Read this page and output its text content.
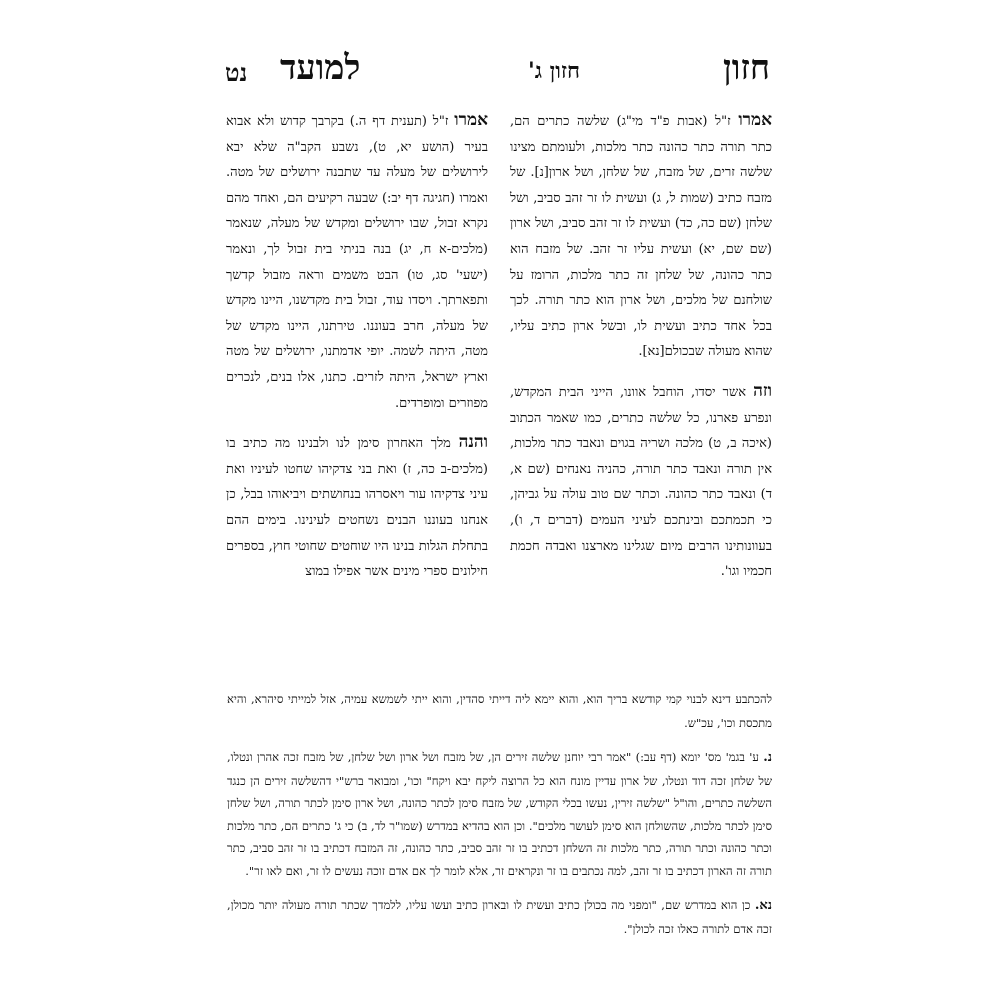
חזון
חזון ג'
למועד
נט

אמרו ז"ל (אבות פ"ד מי"ג) שלשה כתרים הם, כתר תורה כתר כהונה כתר מלכות, ולעומתם מצינו שלשה זרים, של מזבח, של שלחן, ושל ארון[נ]. של מזבח כתיב (שמות ל, ג) ועשית לו זר זהב סביב, ושל שלחן (שם כה, כד) ועשית לו זר זהב סביב, ושל ארון (שם שם, יא) ועשית עליו זר זהב. של מזבח הוא כתר כהונה, של שלחן זה כתר מלכות, הרומז על שולחנם של מלכים, ושל ארון הוא כתר תורה. לכך בכל אחד כתיב ועשית לו, ובשל ארון כתיב עליו, שהוא מעולה שבכולם[נא].

וזה אשר יסדו, הוחבל אוונו, הייני הבית המקדש, ונפרע פארנו, כל שלשה כתרים, כמו שאמר הכתוב (איכה ב, ט) מלכה ושריה בגוים ונאבד כתר מלכות, אין תורה ונאבד כתר תורה, כהניה נאנחים (שם א, ד) ונאבד כתר כהונה. וכתר שם טוב עולה על גביהן, כי תכמתכם ובינתכם לעיני העמים (דברים ד, ו), בעוונותינו הרבים מיום שגלינו מארצנו ואבדה חכמת חכמיו וגו'.

אמרו ז"ל (תענית דף ה.) בקרבך קדוש ולא אבוא בעיר (הושע יא, ט), נשבע הקב"ה שלא יבא לירושלים של מעלה עד שתבנה ירושלים של מטה. ואמרו (חגיגה דף יב:) שבעה רקיעים הם, ואחד מהם נקרא זבול, שבו ירושלים ומקדש של מעלה, שנאמר (מלכים-א ח, יג) בנה בניתי בית זבול לך, ונאמר (ישעי' סג, טו) הבט משמים וראה מזבול קדשך ותפארתך. ויסדו עוד, זבול בית מקדשנו, היינו מקדש של מעלה, חרב בעוננו. טירתנו, היינו מקדש של מטה, היתה לשמה. יופי אדמתנו, ירושלים של מטה וארץ ישראל, היתה לזרים. כתנו, אלו בנים, לנכרים מפוזרים ומופרדים.

והנה מלך האחרון סימן לנו ולבנינו מה כתיב בו (מלכים-ב כה, ז) ואת בני צדקיהו שחטו לעיניו ואת עיני צדקיהו עור ויאסרהו בנחושתים ויביאוהו בבל, כן אנחנו בעוננו הבנים נשחטים לעינינו. בימים ההם בתחלת הגלות בנינו היו שוחטים שחוטי חוץ, בספרים חילונים ספרי מינים אשר אפילו במוצ

להכתבע דינא לבנוי קמי קודשא בריך הוא, והוא יימא ליה דייתי סהדין, והוא ייתי לשמשא עמיה, אזל למייתי סיהרא, והיא מתכסת וכו', עכ"ש.

נ. ע' בגמ' מס' יומא (דף עב:) "אמר רבי יוחנן שלשה זירים הן, של מזבח ושל ארון ושל שלחן, של מזבח זכה אהרן ונטלו, של שלחן זכה דוד ונטלו, של ארון עדיין מונח הוא כל הרוצה ליקח יבא ויקח" וכו', ומבואר ברש"י דהשלשה זירים הן כנגד השלשה כתרים, והו"ל "שלשה זירין, נעשו בכלי הקודש, של מזבח סימן לכתר כהונה, ושל ארון סימן לכתר תורה, ושל שלחן סימן לכתר מלכות, שהשולחן הוא סימן לעושר מלכים". וכן הוא בהדיא במדרש (שמו"ר לד, ב) כי ג' כתרים הם, כתר מלכות וכתר כהונה וכתר תורה, כתר מלכות זה השלחן דכתיב בו זר זהב סביב, כתר כהונה, זה המזבח דכתיב בו זר זהב סביב, כתר תורה זה הארון דכתיב בו זר זהב, למה נכתבים בו זר ונקראים זר, אלא לומר לך אם אדם זוכה נעשים לו זר, ואם לאו זר".

נא. כן הוא במדרש שם, "ומפני מה בכולן כתיב ועשית לו ובארון כתיב ועשו עליו, ללמדך שכתר תורה מעולה יותר מכולן, זכה אדם לתורה כאלו זכה לכולן".
